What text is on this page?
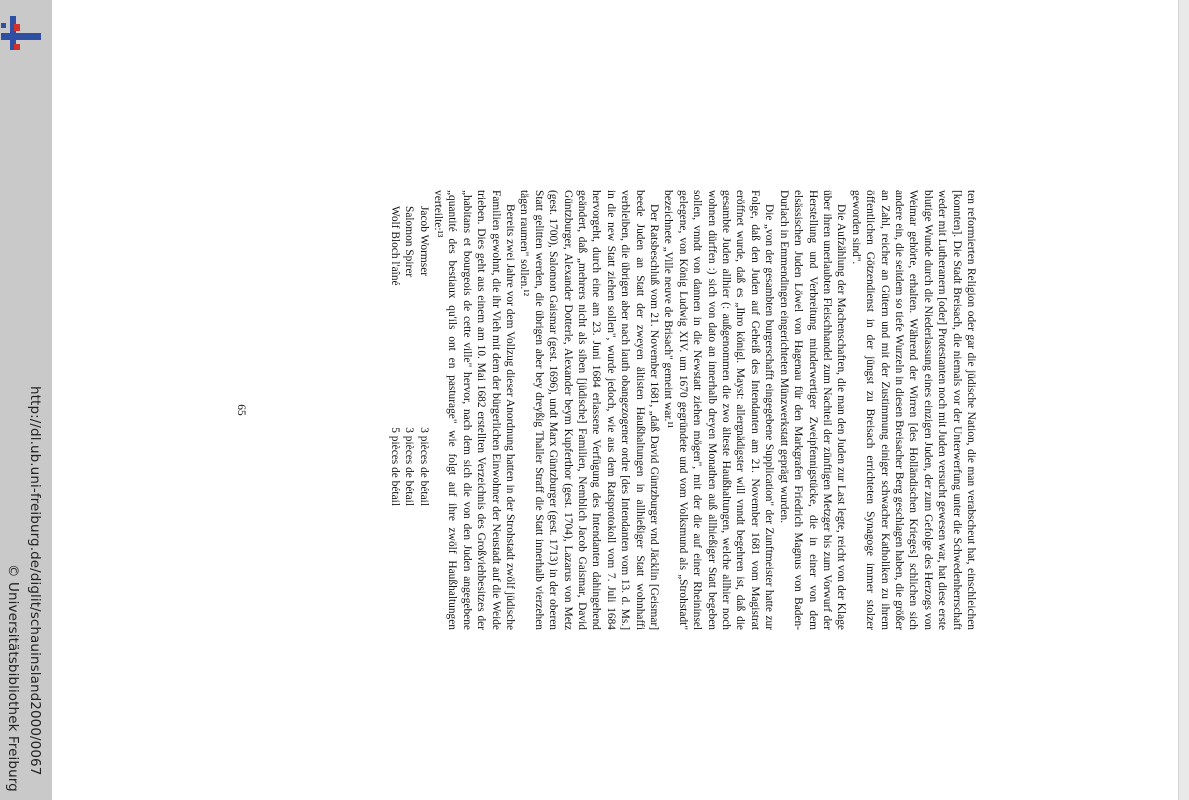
http://dl.ub.uni-freiburg.de/diglit/schauinsland2000/0067
© Universitätsbibliothek Freiburg

ten reformierten Religion oder gar die jüdische Nation, die man verabscheut hat, einschleichen [konnten]. Die Stadt Breisach, die niemals vor der Unterwerfung unter die Schwedenherrschaft weder mit Lutheranern [oder] Protestanten noch mit Juden versucht gewesen war, hat diese erste blutige Wunde durch die Niederlassung eines einzigen Juden, der zum Gefolge des Herzogs von Weimar gehörte, erhalten. Während der Wirren [des Holländischen Krieges] schlichen sich andere ein, die seitdem so tiefe Wurzeln in diesen Breisacher Berg geschlagen haben, die größer an Zahl, reicher an Gütern und mit der Zustimmung einiger schwacher Katholiken zu ihrem öffentlichen Götzendienst in der jüngst zu Breisach errichteten Synagoge immer stolzer geworden sind".

Die Aufzählung der Machenschaften, die man den Juden zur Last legte, reicht von der Klage über ihren unerlaubten Fleischhandel zum Nachteil der zünftigen Metzger bis zum Vorwurf der Herstellung und Verbreitung minderwertiger Zweipfennigstücke, die in einer von dem elsässischen Juden Löwel von Hagenau für den Markgrafen Friedrich Magnus von Baden-Durlach in Emmendingen eingerichteten Münzwerkstatt geprägt wurden.

Die „von der gesambten burgerschafft eingegebene Supplication" der Zunftmeister hatte zur Folge, daß den Juden auf Geheiß des Intendanten am 21. November 1681 vom Magistrat eröffnet wurde, daß es „Ihro königl. Mayst: allergnädigster will vnndt begehren ist, daß die gesambte Juden allhier (: außgenommen die zwo älteste Haußhaltungen, welche allhier noch wohnen dürffen :) sich von dato an innerhalb dreyen Monathen auß allhießiger Statt begeben sollen, vnndt von dannen in die Newstatt ziehen mögen", mit der die auf einer Rheininsel gelegene, von König Ludwig XIV. um 1670 gegründete und vom Volksmund als „Strohstadt" bezeichnete „Ville neuve de Brisach" gemeint war.¹¹

Der Ratsbeschluß vom 21. November 1681, „daß David Güntzburger vnd Jäcklin [Geismar] beede Juden an Statt der zweyen ältisten Haußhaltungen in allhießiger Statt wohnhaffi verbleiben, die übrigen aber nach lauth obangezogener ordre [des Intendanten vom 13. d. Ms.] in die new Statt ziehen sollen", wurde jedoch, wie aus dem Ratsprotokoll vom 7. Juli 1684 hervorgeht, durch eine am 23. Juni 1684 erlassene Verfügung des Intendanten dahingehend geändert, daß „mehrers nicht als siben [jüdische] Familien, Nemblich Jacob Gaismar, David Güntzburger, Alexander Dotterle, Alexander beym Kupferthor (gest. 1704), Lazarus von Metz (gest. 1700), Salomon Gaismar (gest. 1696), undt Marx Güntzburger (gest. 1713) in der oberen Statt gelitten werden, die übrigen aber bey dreyßig Thaller Straff die Statt innerhalb vierzehen tägen raumen" sollen.¹²

Bereits zwei Jahre vor dem Vollzug dieser Anordnung hatten in der Strohstadt zwölf jüdische Familien gewohnt, die ihr Vieh mit dem der bürgerlichen Einwohner der Neustadt auf die Weide trieben. Dies geht aus einem am 10. Mai 1682 erstellten Verzeichnis des Großviehbesitzes der „habitans et bourgeois de cette ville" hervor, nach dem sich die von den Juden angegebene „quantité des bestiaux qu'ils ont en pasturage" wie folgt auf ihre zwölf Haußhaltungen verteilte:¹³

Jacob Wormser
3 pièces de bétail
Salomon Spirer
3 pièces de bétail
Wolf Bloch l'aîné
5 pièces de bétail
65
